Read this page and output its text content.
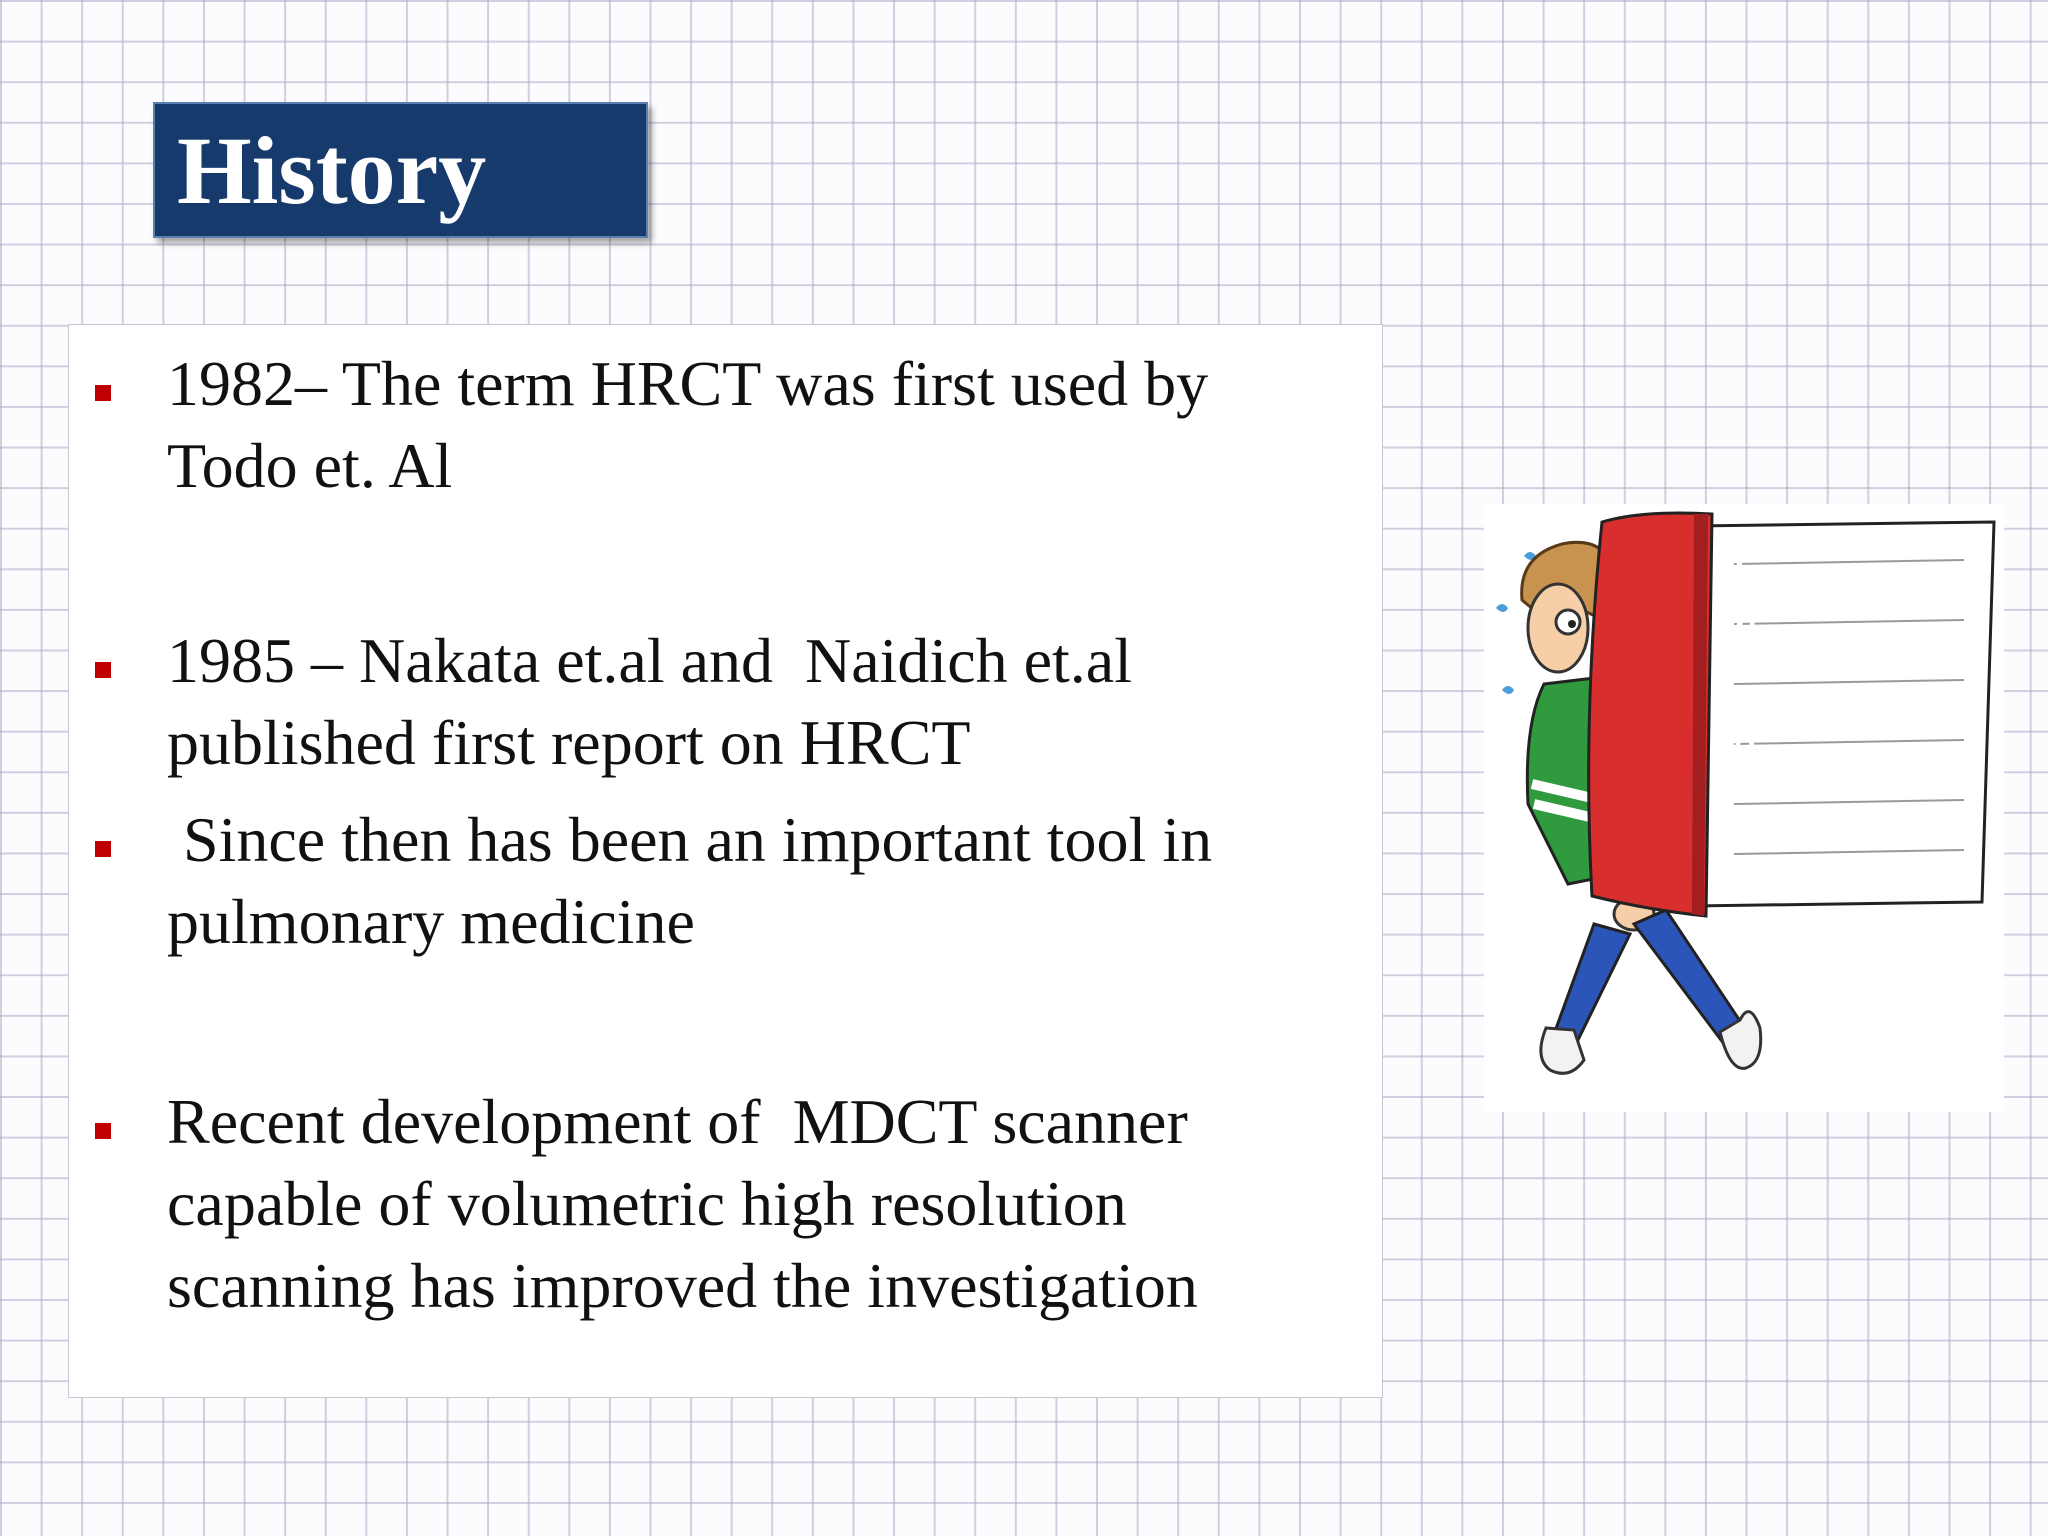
History
1982– The term HRCT was first used by
Todo et. Al
1985 – Nakata et.al and  Naidich et.al
published first report on HRCT
Since then has been an important tool in
pulmonary medicine
Recent development of  MDCT scanner
capable of volumetric high resolution
scanning has improved the investigation
HISTORY
